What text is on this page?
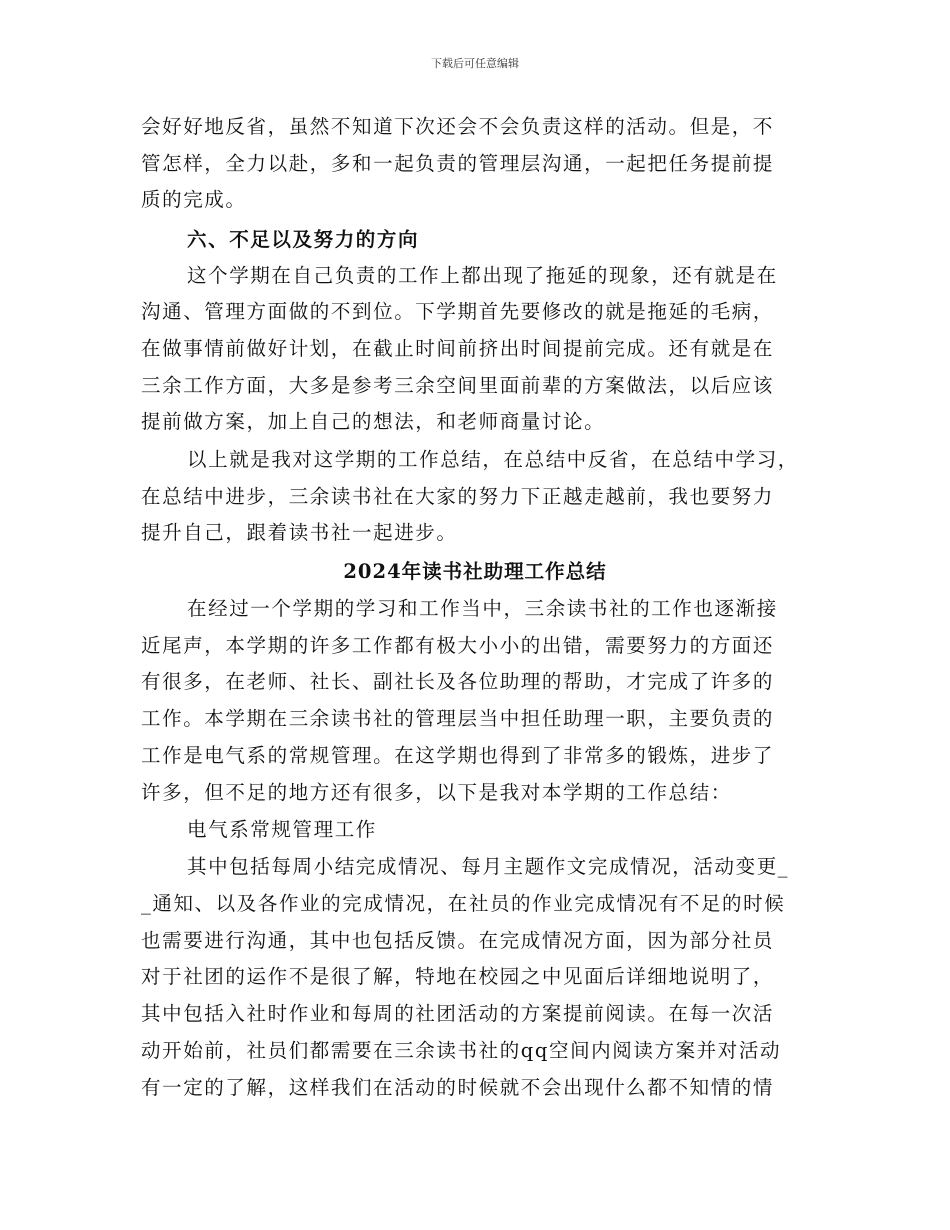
下载后可任意编辑
会好好地反省，虽然不知道下次还会不会负责这样的活动。但是，不
管怎样，全力以赴，多和一起负责的管理层沟通，一起把任务提前提
质的完成。
六、不足以及努力的方向
这个学期在自己负责的工作上都出现了拖延的现象，还有就是在
沟通、管理方面做的不到位。下学期首先要修改的就是拖延的毛病，
在做事情前做好计划，在截止时间前挤出时间提前完成。还有就是在
三余工作方面，大多是参考三余空间里面前辈的方案做法，以后应该
提前做方案，加上自己的想法，和老师商量讨论。
以上就是我对这学期的工作总结，在总结中反省，在总结中学习，
在总结中进步，三余读书社在大家的努力下正越走越前，我也要努力
提升自己，跟着读书社一起进步。
2024年读书社助理工作总结
在经过一个学期的学习和工作当中，三余读书社的工作也逐渐接
近尾声，本学期的许多工作都有极大小小的出错，需要努力的方面还
有很多，在老师、社长、副社长及各位助理的帮助，才完成了许多的
工作。本学期在三余读书社的管理层当中担任助理一职，主要负责的
工作是电气系的常规管理。在这学期也得到了非常多的锻炼，进步了
许多，但不足的地方还有很多，以下是我对本学期的工作总结：
电气系常规管理工作
其中包括每周小结完成情况、每月主题作文完成情况，活动变更_
_通知、以及各作业的完成情况，在社员的作业完成情况有不足的时候
也需要进行沟通，其中也包括反馈。在完成情况方面，因为部分社员
对于社团的运作不是很了解，特地在校园之中见面后详细地说明了，
其中包括入社时作业和每周的社团活动的方案提前阅读。在每一次活
动开始前，社员们都需要在三余读书社的qq空间内阅读方案并对活动
有一定的了解，这样我们在活动的时候就不会出现什么都不知情的情
